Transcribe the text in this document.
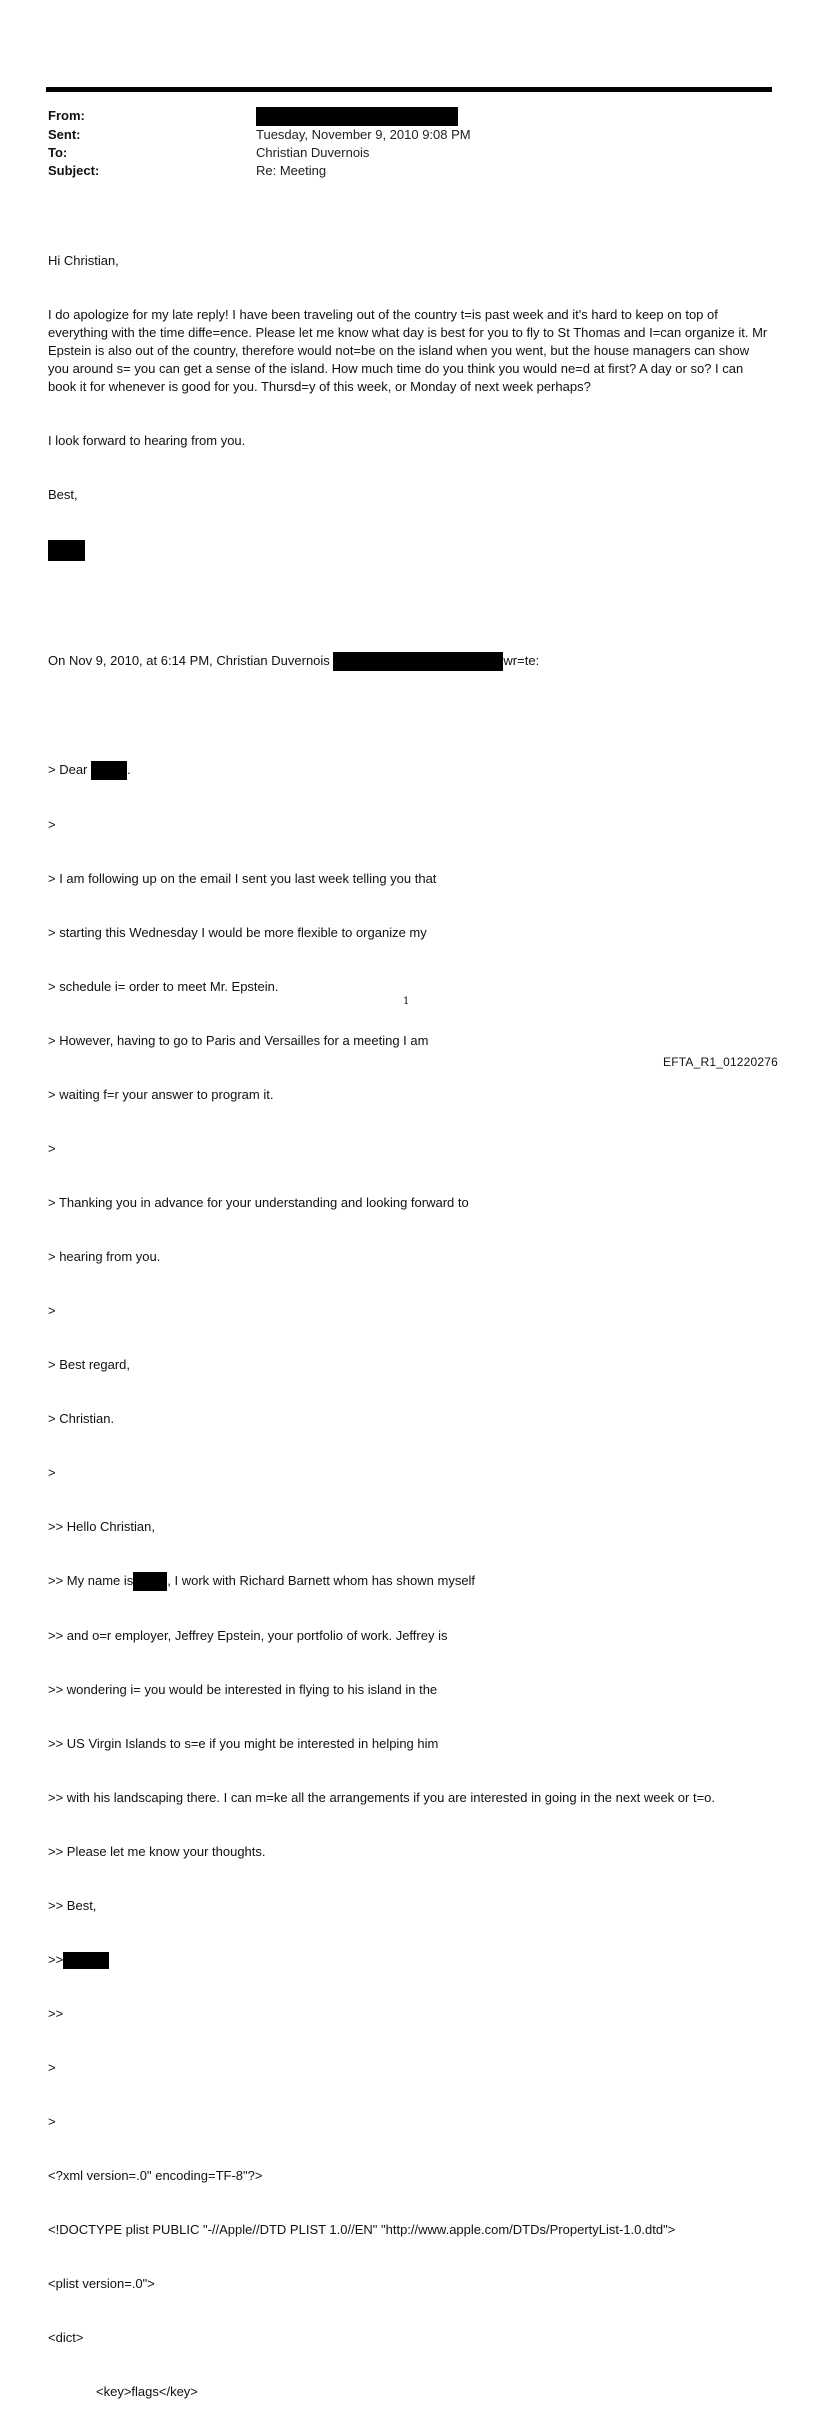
From:
Sent:	Tuesday, November 9, 2010 9:08 PM
To:	Christian Duvernois
Subject:	Re: Meeting

Hi Christian,

I do apologize for my late reply! I have been traveling out of the country t=is past week and it's hard to keep on top of everything with the time diffe=ence. Please let me know what day is best for you to fly to St Thomas and I=can organize it. Mr Epstein is also out of the country, therefore would not=be on the island when you went, but the house managers can show you around s= you can get a sense of the island. How much time do you think you would ne=d at first? A day or so? I can book it for whenever is good for you. Thursd=y of this week, or Monday of next week perhaps?

I look forward to hearing from you.

Best,

On Nov 9, 2010, at 6:14 PM, Christian Duvernois	wr=te:

> Dear	.

>

> I am following up on the email I sent you last week telling you that

> starting this Wednesday I would be more flexible to organize my

> schedule i= order to meet Mr. Epstein.

> However, having to go to Paris and Versailles for a meeting I am

> waiting f=r your answer to program it.

>

> Thanking you in advance for your understanding and looking forward to

> hearing from you.

>

> Best regard,

> Christian.

>

>> Hello Christian,

>> My name is	, I work with Richard Barnett whom has shown myself

>> and o=r employer, Jeffrey Epstein, your portfolio of work. Jeffrey is

>> wondering i= you would be interested in flying to his island in the

>> US Virgin Islands to s=e if you might be interested in helping him

>> with his landscaping there. I can m=ke all the arrangements if you are interested in going in the next week or t=o.

>> Please let me know your thoughts.

>> Best,

>>

>>

>

>

<?xml version=.0" encoding=TF-8"?>

<!DOCTYPE plist PUBLIC "-//Apple//DTD PLIST 1.0//EN" "http://www.apple.com/DTDs/PropertyList-1.0.dtd">

<plist version=.0">

<dict>

<key>flags</key>

1
EFTA_R1_01220276
